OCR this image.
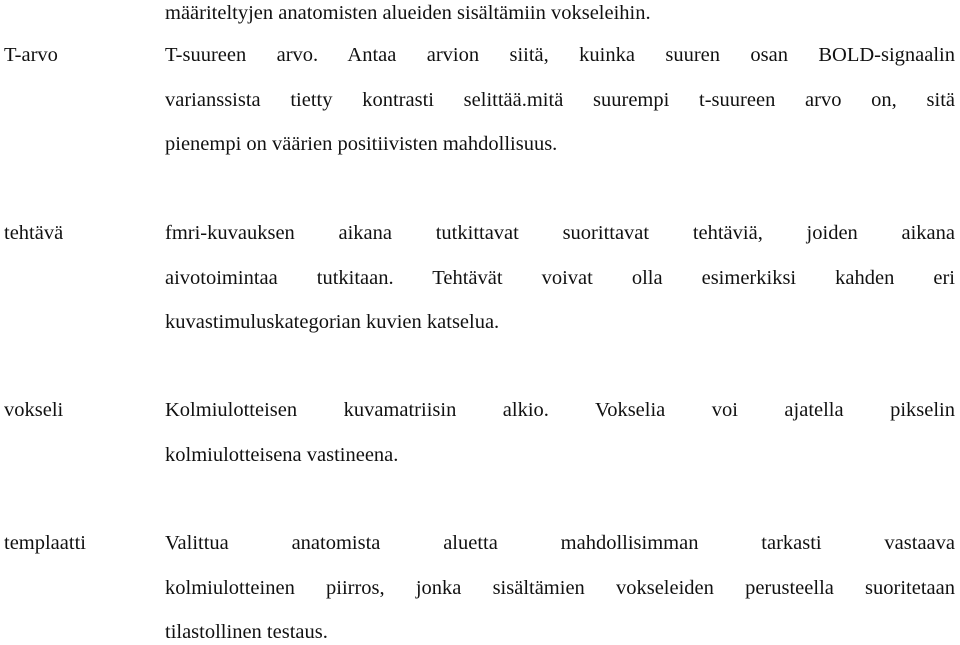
määriteltyjen anatomisten alueiden sisältämiin vokseleihin.
T-arvo	T-suureen arvo. Antaa arvion siitä, kuinka suuren osan BOLD-signaalin
varianssista tietty kontrasti selittää.mitä suurempi t-suureen arvo on, sitä
pienempi on väärien positiivisten mahdollisuus.
tehtävä	fmri-kuvauksen aikana tutkittavat suorittavat tehtäviä, joiden aikana
aivotoimintaa tutkitaan. Tehtävät voivat olla esimerkiksi kahden eri
kuvastimuluskategorian kuvien katselua.
vokseli	Kolmiulotteisen kuvamatriisin alkio. Vokselia voi ajatella pikselin
kolmiulotteisena vastineena.
templaatti	Valittua anatomista aluetta mahdollisimman tarkasti vastaava
kolmiulotteinen piirros, jonka sisältämien vokseleiden perusteella suoritetaan
tilastollinen testaus.
